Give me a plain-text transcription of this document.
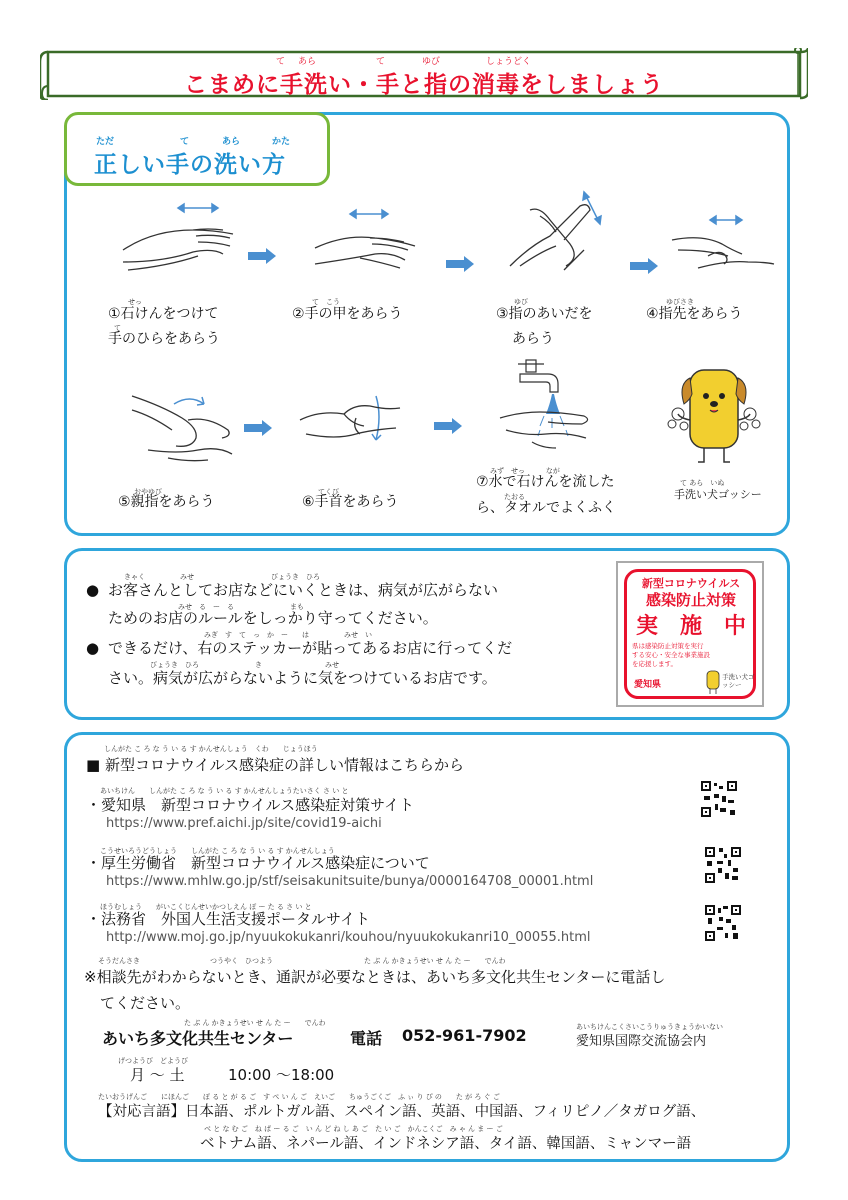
て あら	て	ゆび	しょうどく
こまめに手洗い・手と指の消毒をしましょう
ただ	て	あら	かた
正しい手の洗い方
せっ
①石けんをつけて
て
手のひらをあらう
て　こう
②手の甲をあらう
ゆび
③指のあいだを
あらう
ゆびさき
④指先をあらう
おやゆび
⑤親指をあらう
てくび
⑥手首をあらう
みず　せっ　　　なが
⑦水で石けんを流した
たおる
ら、タオルでよくふく
て あら　いぬ
手洗い犬ゴッシー
きゃく　　　　　みせ　　　　　　　　　　　びょうき　ひろ
● お客さんとしてお店などにいくときは、病気が広がらない
みせ　る　ー　る　　　　　　　　まも
ためのお店のルールをしっかり守ってください。
みぎ　す　て　っ　か　ー　　は　　　　　みせ　い
● できるだけ、右のステッカーが貼ってあるお店に行ってくだ
びょうき　ひろ　　　　　　　　き　　　　　　　　　みせ
さい。病気が広がらないように気をつけているお店です。
新型コロナウイルス
感染防止対策
実　施　中
県は感染防止対策を実行
する安心・安全な事業施設
を応援します。
愛知県
手洗い犬ゴッシー
しんがた こ ろ な う い る す かんせんしょう　くわ　　じょうほう
■ 新型コロナウイルス感染症の詳しい情報はこちらから
あいちけん　　しんがた こ ろ な う い る す かんせんしょうたいさく さ い と
・愛知県　新型コロナウイルス感染症対策サイト
https://www.pref.aichi.jp/site/covid19-aichi
こうせいろうどうしょう　　しんがた こ ろ な う い る す かんせんしょう
・厚生労働省　新型コロナウイルス感染症について
https://www.mhlw.go.jp/stf/seisakunitsuite/bunya/0000164708_00001.html
ほうむしょう　　がいこくじんせいかつしえん ぽ ー た る さ い と
・法務省　外国人生活支援ポータルサイト
http://www.moj.go.jp/nyuukokukanri/kouhou/nyuukokukanri10_00055.html
そうだんさき　　　　　　　　　　つうやく　ひつよう　　　　　　　　　　　　　た ぶ ん かきょうせい せ ん た ー　　でんわ
※相談先がわからないとき、通訳が必要なときは、あいち多文化共生センターに電話し
てください。
た ぶ ん かきょうせい せ ん た ー　　でんわ
あいち多文化共生センター	電話 052-961-7902	あいちけんこくさいこうりゅうきょうかいない
愛知県国際交流協会内
げつようび　どようび
月 ～ 土	10:00 ～18:00
たいおうげんご　　にほんご　　ぽ る と が る ご　す ぺ い ん ご　えいご　　ちゅうごくご　ふ ぃ り ぴ の　　た が ろ ぐ ご
【対応言語】日本語、ポルトガル語、スペイン語、英語、中国語、フィリピノ／タガログ語、
べ と な む ご　ね ぱ ー る ご　い ん ど ね し あ ご　た い ご　かんこくご　み ゃ ん ま ー ご
ベトナム語、ネパール語、インドネシア語、タイ語、韓国語、ミャンマー語
